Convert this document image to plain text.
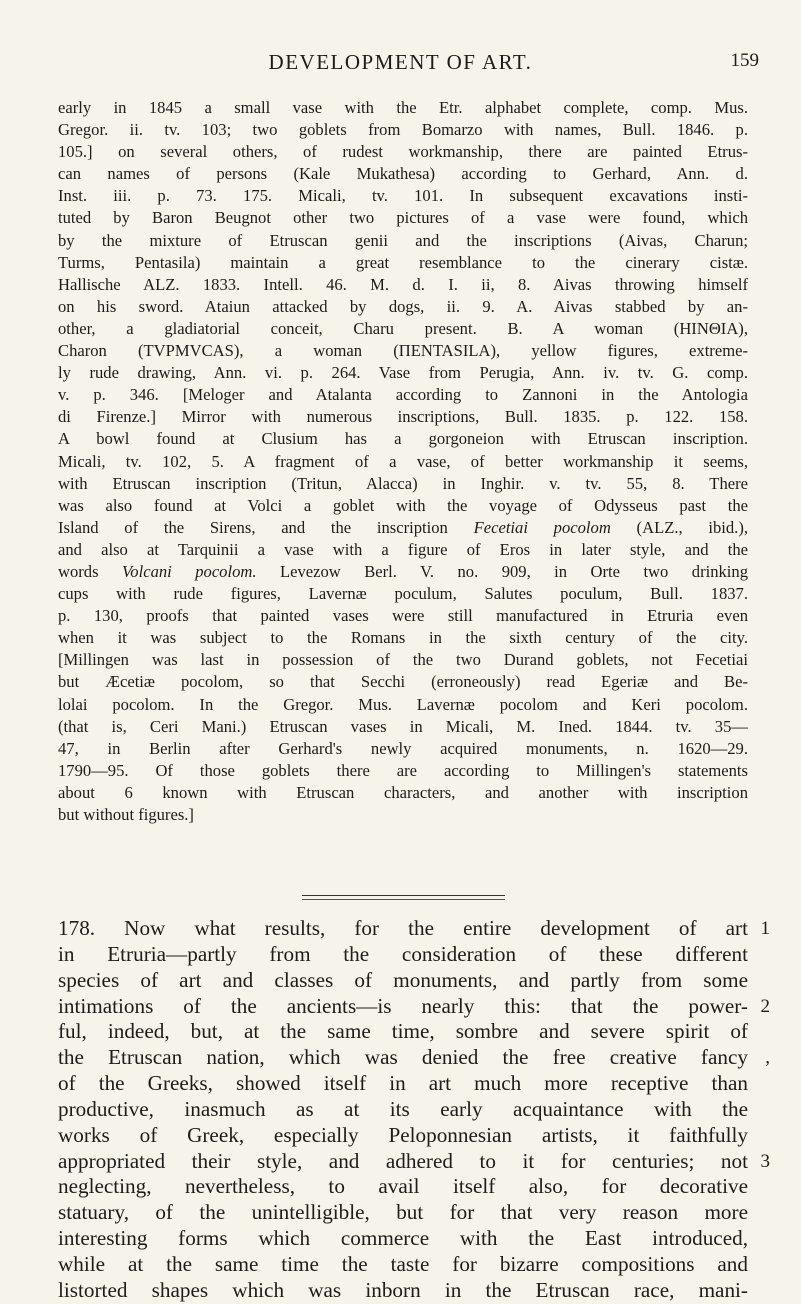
DEVELOPMENT OF ART.	159
early in 1845 a small vase with the Etr. alphabet complete, comp. Mus.
Gregor. ii. tv. 103; two goblets from Bomarzo with names, Bull. 1846. p.
105.] on several others, of rudest workmanship, there are painted Etrus-
can names of persons (Kale Mukathesa) according to Gerhard, Ann. d.
Inst. iii. p. 73. 175. Micali, tv. 101. In subsequent excavations insti-
tuted by Baron Beugnot other two pictures of a vase were found, which
by the mixture of Etruscan genii and the inscriptions (Aivas, Charun;
Turms, Pentasila) maintain a great resemblance to the cinerary cistæ.
Hallische ALZ. 1833. Intell. 46. M. d. I. ii, 8. Aivas throwing himself
on his sword. Ataiun attacked by dogs, ii. 9. A. Aivas stabbed by an-
other, a gladiatorial conceit, Charu present. B. A woman (HINΘIA),
Charon (TVPMVCAS), a woman (ΠENTASILA), yellow figures, extreme-
ly rude drawing, Ann. vi. p. 264. Vase from Perugia, Ann. iv. tv. G. comp.
v. p. 346. [Meloger and Atalanta according to Zannoni in the Antologia
di Firenze.] Mirror with numerous inscriptions, Bull. 1835. p. 122. 158.
A bowl found at Clusium has a gorgoneion with Etruscan inscription.
Micali, tv. 102, 5. A fragment of a vase, of better workmanship it seems,
with Etruscan inscription (Tritun, Alacca) in Inghir. v. tv. 55, 8. There
was also found at Volci a goblet with the voyage of Odysseus past the
Island of the Sirens, and the inscription Fecetiai pocolom (ALZ., ibid.),
and also at Tarquinii a vase with a figure of Eros in later style, and the
words Volcani pocolom. Levezow Berl. V. no. 909, in Orte two drinking
cups with rude figures, Lavernæ poculum, Salutes poculum, Bull. 1837.
p. 130, proofs that painted vases were still manufactured in Etruria even
when it was subject to the Romans in the sixth century of the city.
[Millingen was last in possession of the two Durand goblets, not Fecetiai
but Æcetiæ pocolom, so that Secchi (erroneously) read Egeriæ and Be-
lolai pocolom. In the Gregor. Mus. Lavernæ pocolom and Keri pocolom.
(that is, Ceri Mani.) Etruscan vases in Micali, M. Ined. 1844. tv. 35—
47, in Berlin after Gerhard's newly acquired monuments, n. 1620—29.
1790—95. Of those goblets there are according to Millingen's statements
about 6 known with Etruscan characters, and another with inscription
but without figures.]
178. Now what results, for the entire development of art 1
in Etruria—partly from the consideration of these different
species of art and classes of monuments, and partly from some
intimations of the ancients—is nearly this: that the power- 2
ful, indeed, but, at the same time, sombre and severe spirit of
the Etruscan nation, which was denied the free creative fancy ,
of the Greeks, showed itself in art much more receptive than
productive, inasmuch as at its early acquaintance with the
works of Greek, especially Peloponnesian artists, it faithfully
appropriated their style, and adhered to it for centuries; not 3
neglecting, nevertheless, to avail itself also, for decorative
statuary, of the unintelligible, but for that very reason more
interesting forms which commerce with the East introduced,
while at the same time the taste for bizarre compositions and
listorted shapes which was inborn in the Etruscan race, mani-
